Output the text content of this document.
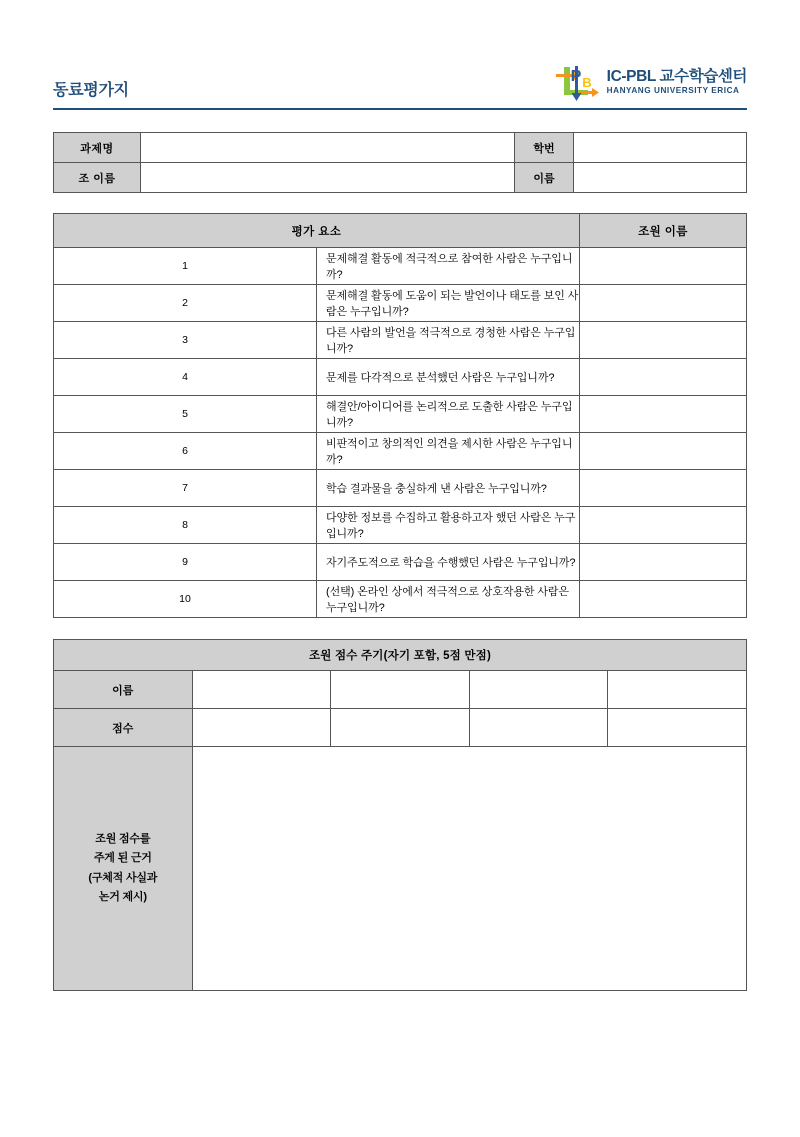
동료평가지
P B IC-PBL 교수학습센터
HANYANG UNIVERSITY ERICA
과제명		학번	
조 이름		이름	
평가 요소		조원 이름
1	문제해결 활동에 적극적으로 참여한 사람은 누구입니까?	
2	문제해결 활동에 도움이 되는 발언이나 태도를 보인 사람은 누구입니까?	
3	다른 사람의 발언을 적극적으로 경청한 사람은 누구입니까?	
4	문제를 다각적으로 분석했던 사람은 누구입니까?	
5	해결안/아이디어를 논리적으로 도출한 사람은 누구입니까?	
6	비판적이고 창의적인 의견을 제시한 사람은 누구입니까?	
7	학습 결과물을 충실하게 낸 사람은 누구입니까?	
8	다양한 정보를 수집하고 활용하고자 했던 사람은 누구입니까?	
9	자기주도적으로 학습을 수행했던 사람은 누구입니까?	
10	(선택) 온라인 상에서 적극적으로 상호작용한 사람은 누구입니까?	
조원 점수 주기(자기 포함, 5점 만점)				
이름				
점수				

조원 점수를
주게 된 근거
(구체적 사실과
논거 제시)				
